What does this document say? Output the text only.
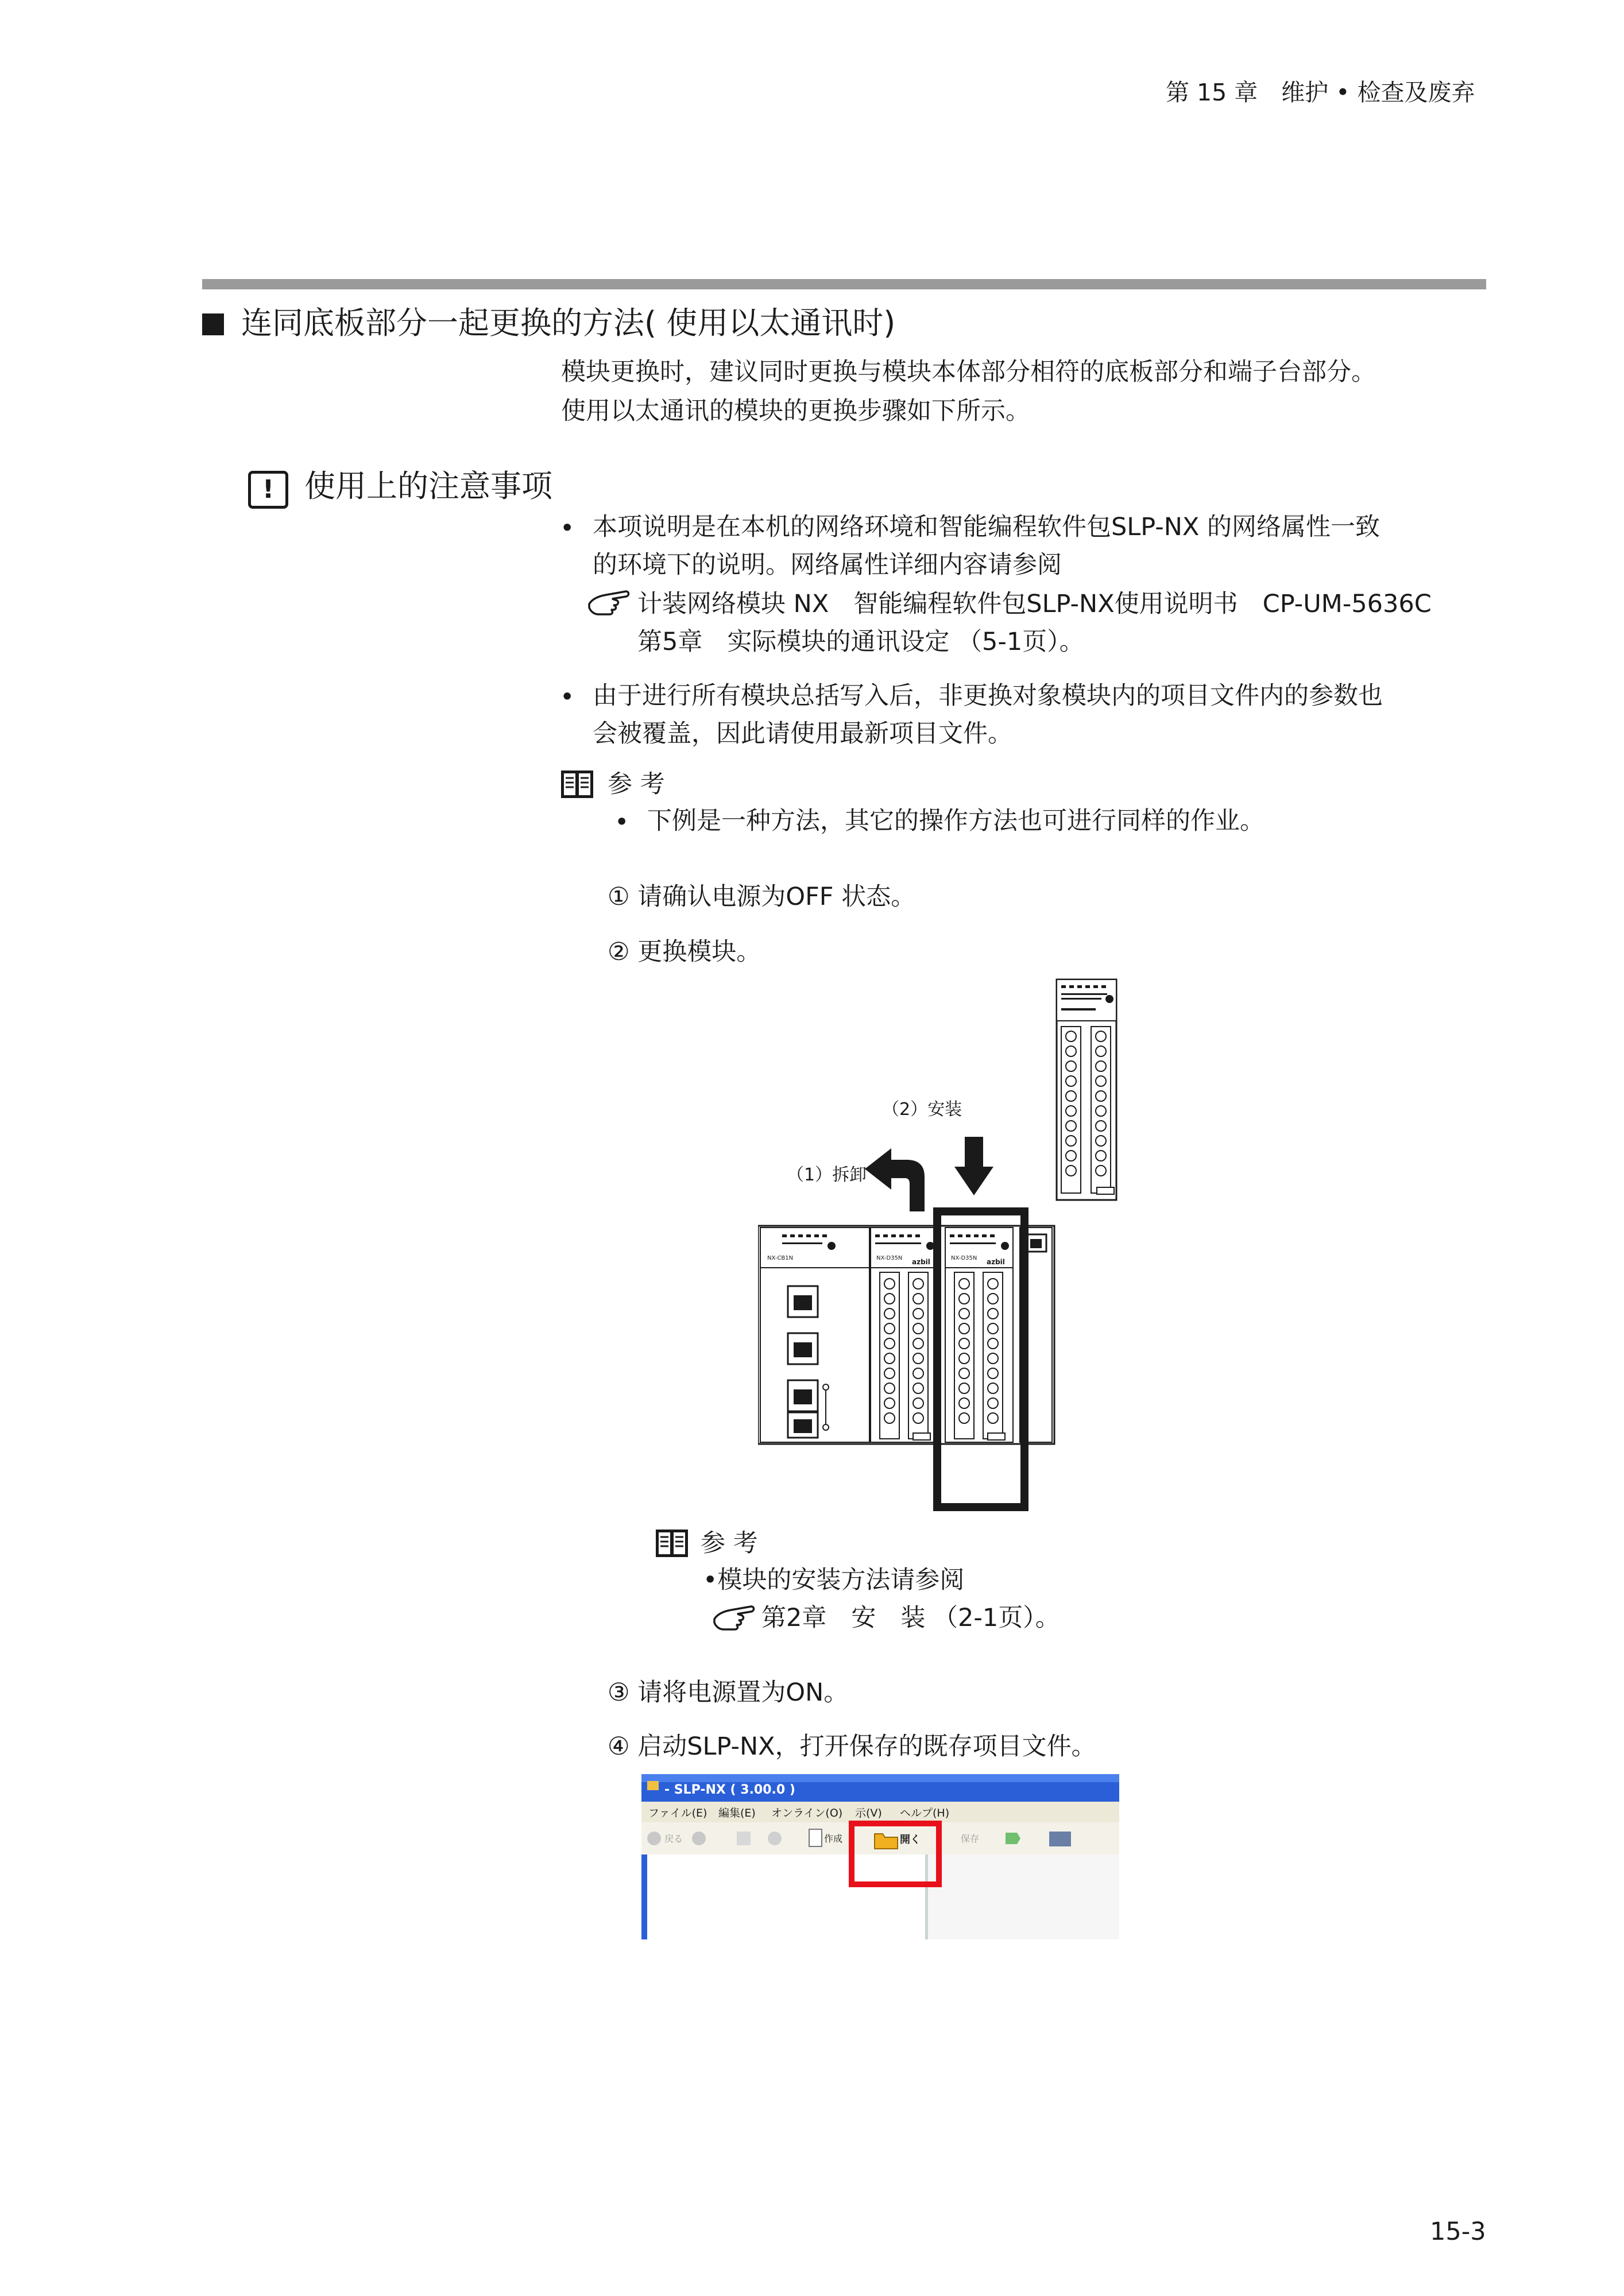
第 15 章　 维护 • 检查及废弃
连同底板部分一起更换的方法( 使用以太通讯时)
模块更换时，建议同时更换与模块本体部分相符的底板部分和端子台部分。
使用以太通讯的模块的更换步骤如下所示。
! 使用上的注意事项
• 本项说明是在本机的网络环境和智能编程软件包SLP-NX 的网络属性一致
的环境下的说明。网络属性详细内容请参阅
计装网络模块 NX　智能编程软件包SLP-NX使用说明书　CP-UM-5636C
第5章　实际模块的通讯设定 （5-1页）。
• 由于进行所有模块总括写入后，非更换对象模块内的项目文件内的参数也
会被覆盖，因此请使用最新项目文件。
参 考
• 下例是一种方法，其它的操作方法也可进行同样的作业。
① 请确认电源为OFF 状态。
② 更换模块。
（2）安装
（1）拆卸
NX-CB1N	NX-D35N azbil	NX-D35N azbil
参 考
•模块的安装方法请参阅
第2章　安　装 （2-1页）。
③ 请将电源置为ON。
④ 启动SLP-NX，打开保存的既存项目文件。
- SLP-NX ( 3.00.0 )
ファイル(E) 編集(E) オンライン(O) 示(V) ヘルプ(H)
戻る	作成	開く	保存
15-3
